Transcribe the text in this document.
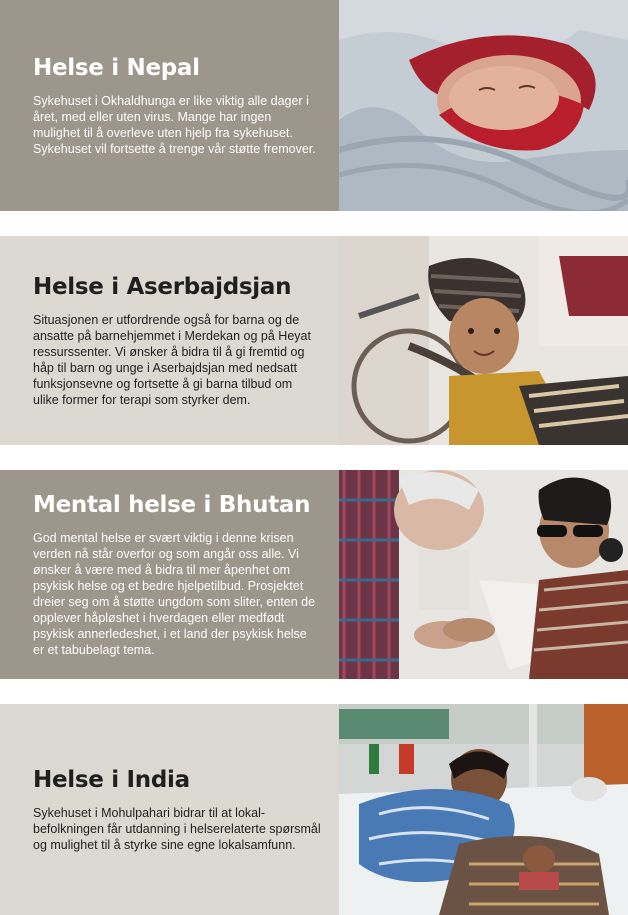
Helse i Nepal

Sykehuset i Okhaldhunga er like viktig alle dager i året, med eller uten virus. Mange har ingen mulighet til å overleve uten hjelp fra sykehuset. Sykehuset vil fortsette å trenge vår støtte fremover.

Helse i Aserbajdsjan

Situasjonen er utfordrende også for barna og de ansatte på barnehjemmet i Merdekan og på Heyat ressurssenter. Vi ønsker å bidra til å gi fremtid og håp til barn og unge i Aserbajdsjan med nedsatt funksjonsevne og fortsette å gi barna tilbud om ulike former for terapi som styrker dem.

Mental helse i Bhutan

God mental helse er svært viktig i denne krisen verden nå står overfor og som angår oss alle. Vi ønsker å være med å bidra til mer åpenhet om psykisk helse og et bedre hjelpetilbud. Prosjektet dreier seg om å støtte ungdom som sliter, enten de opplever håpløshet i hverdagen eller medfødt psykisk annerledeshet, i et land der psykisk helse er et tabubelagt tema.

Helse i India

Sykehuset i Mohulpahari bidrar til at lokal-befolkningen får utdanning i helserelaterte spørsmål og mulighet til å styrke sine egne lokalsamfunn.
